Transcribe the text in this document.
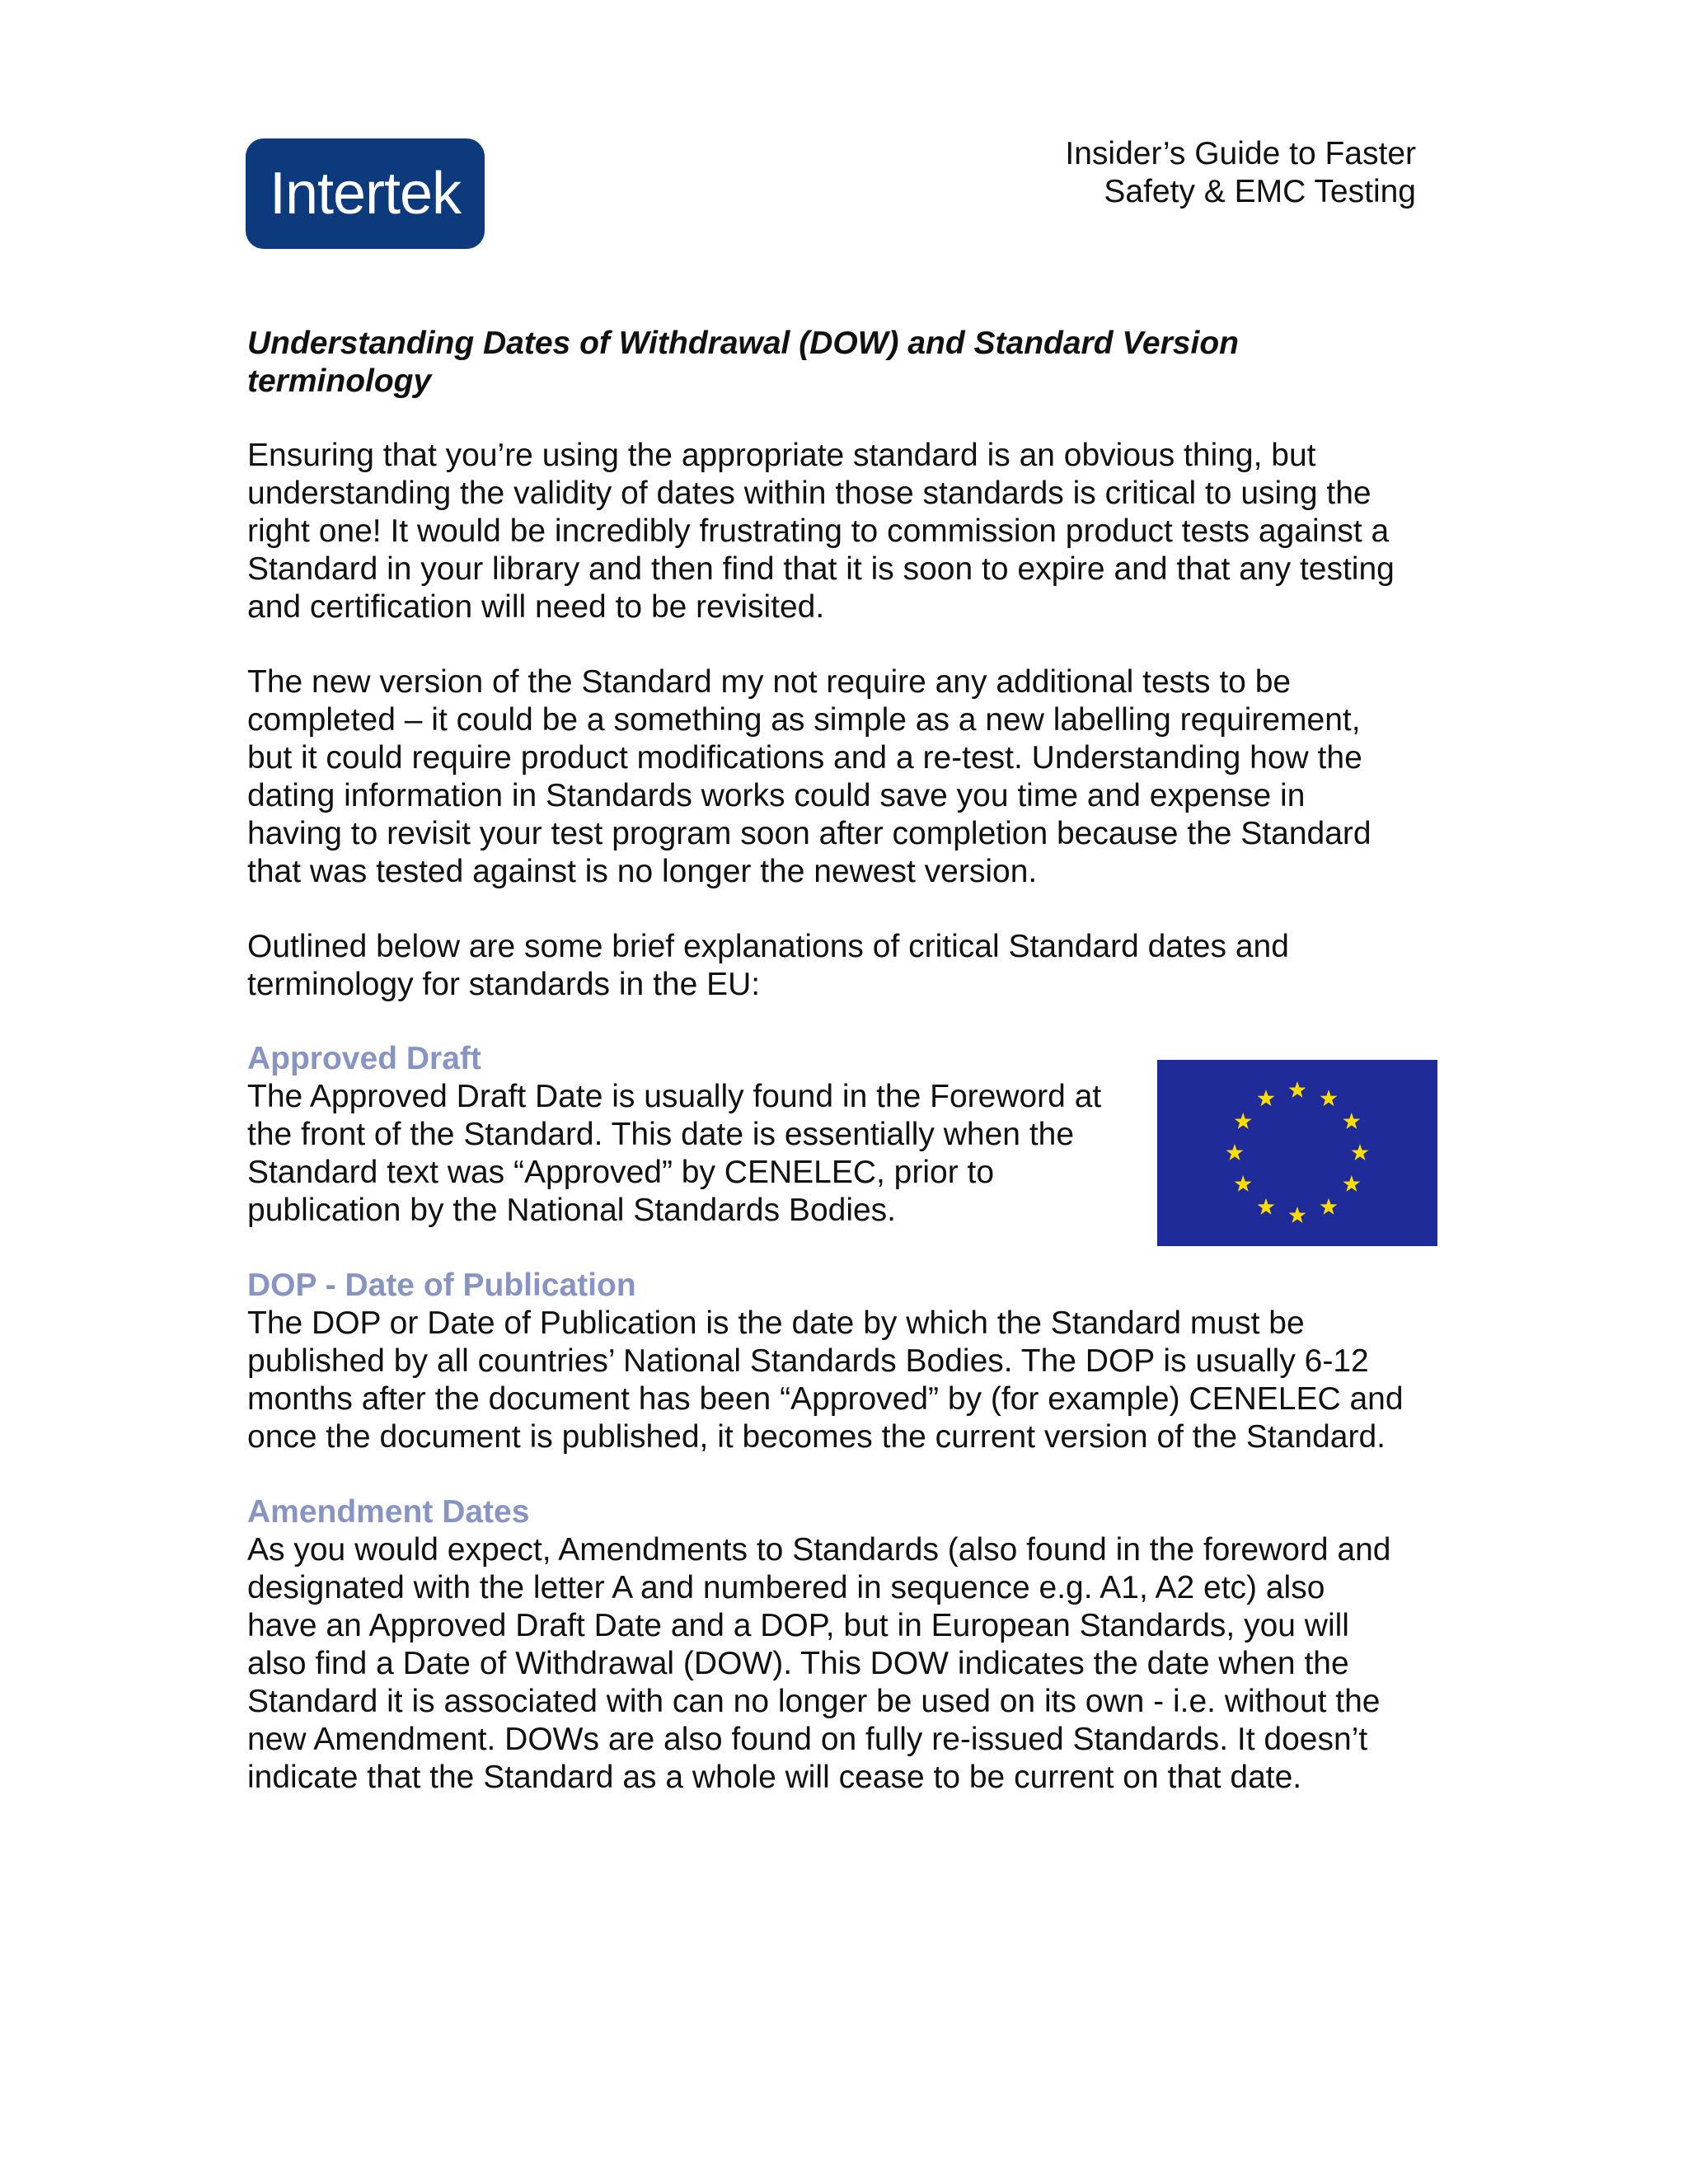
Intertek
Insider’s Guide to Faster
Safety & EMC Testing
Understanding Dates of Withdrawal (DOW) and Standard Version
terminology

Ensuring that you’re using the appropriate standard is an obvious thing, but
understanding the validity of dates within those standards is critical to using the
right one! It would be incredibly frustrating to commission product tests against a
Standard in your library and then find that it is soon to expire and that any testing
and certification will need to be revisited.

The new version of the Standard my not require any additional tests to be
completed – it could be a something as simple as a new labelling requirement,
but it could require product modifications and a re-test. Understanding how the
dating information in Standards works could save you time and expense in
having to revisit your test program soon after completion because the Standard
that was tested against is no longer the newest version.

Outlined below are some brief explanations of critical Standard dates and
terminology for standards in the EU:

Approved Draft

The Approved Draft Date is usually found in the Foreword at
the front of the Standard. This date is essentially when the
Standard text was “Approved” by CENELEC, prior to
publication by the National Standards Bodies.

DOP - Date of Publication

The DOP or Date of Publication is the date by which the Standard must be
published by all countries’ National Standards Bodies. The DOP is usually 6-12
months after the document has been “Approved” by (for example) CENELEC and
once the document is published, it becomes the current version of the Standard.

Amendment Dates

As you would expect, Amendments to Standards (also found in the foreword and
designated with the letter A and numbered in sequence e.g. A1, A2 etc) also
have an Approved Draft Date and a DOP, but in European Standards, you will
also find a Date of Withdrawal (DOW). This DOW indicates the date when the
Standard it is associated with can no longer be used on its own - i.e. without the
new Amendment. DOWs are also found on fully re-issued Standards. It doesn’t
indicate that the Standard as a whole will cease to be current on that date.
